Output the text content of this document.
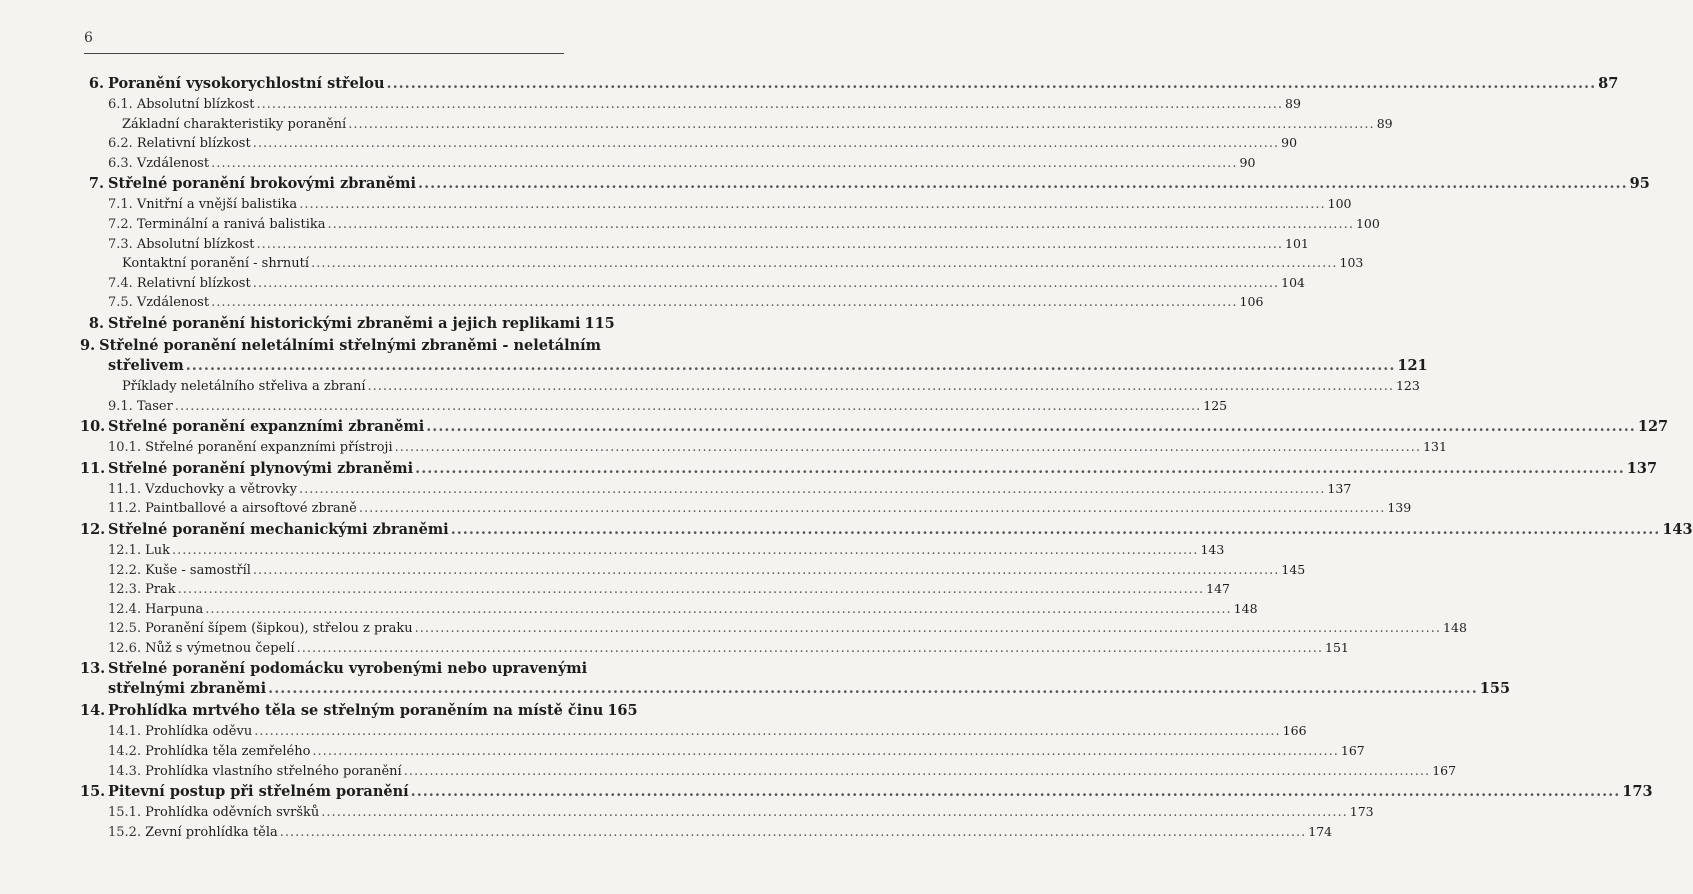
6
6. Poranění vysokorychlostní střelou .....	87
6.1. Absolutní blízkost .....	89
Základní charakteristiky poranění .....	89
6.2. Relativní blízkost .....	90
6.3. Vzdálenost .....	90
7. Střelné poranění brokovými zbraněmi .....	95
7.1. Vnitřní a vnější balistika .....	100
7.2. Terminální a ranivá balistika .....	100
7.3. Absolutní blízkost .....	101
Kontaktní poranění - shrnutí .....	103
7.4. Relativní blízkost .....	104
7.5. Vzdálenost .....	106
8. Střelné poranění historickými zbraněmi a jejich replikami 115
9. Střelné poranění neletálními střelnými zbraněmi - neletálním
střelivem .....	121
Příklady neletálního střeliva a zbraní .....	123
9.1. Taser .....	125
10. Střelné poranění expanzními zbraněmi .....	127
10.1. Střelné poranění expanzními přístroji .....	131
11. Střelné poranění plynovými zbraněmi .....	137
11.1. Vzduchovky a větrovky .....	137
11.2. Paintballové a airsoftové zbraně .....	139
12. Střelné poranění mechanickými zbraněmi .....	143
12.1. Luk .....	143
12.2. Kuše - samostříl .....	145
12.3. Prak .....	147
12.4. Harpuna .....	148
12.5. Poranění šípem (šipkou), střelou z praku .....	148
12.6. Nůž s výmetnou čepelí .....	151
13. Střelné poranění podomácku vyrobenými nebo upravenými
střelnými zbraněmi .....	155
14. Prohlídka mrtvého těla se střelným poraněním na místě činu 165
14.1. Prohlídka oděvu .....	166
14.2. Prohlídka těla zemřelého .....	167
14.3. Prohlídka vlastního střelného poranění .....	167
15. Pitevní postup při střelném poranění .....	173
15.1. Prohlídka oděvních svršků .....	173
15.2. Zevní prohlídka těla .....	174
